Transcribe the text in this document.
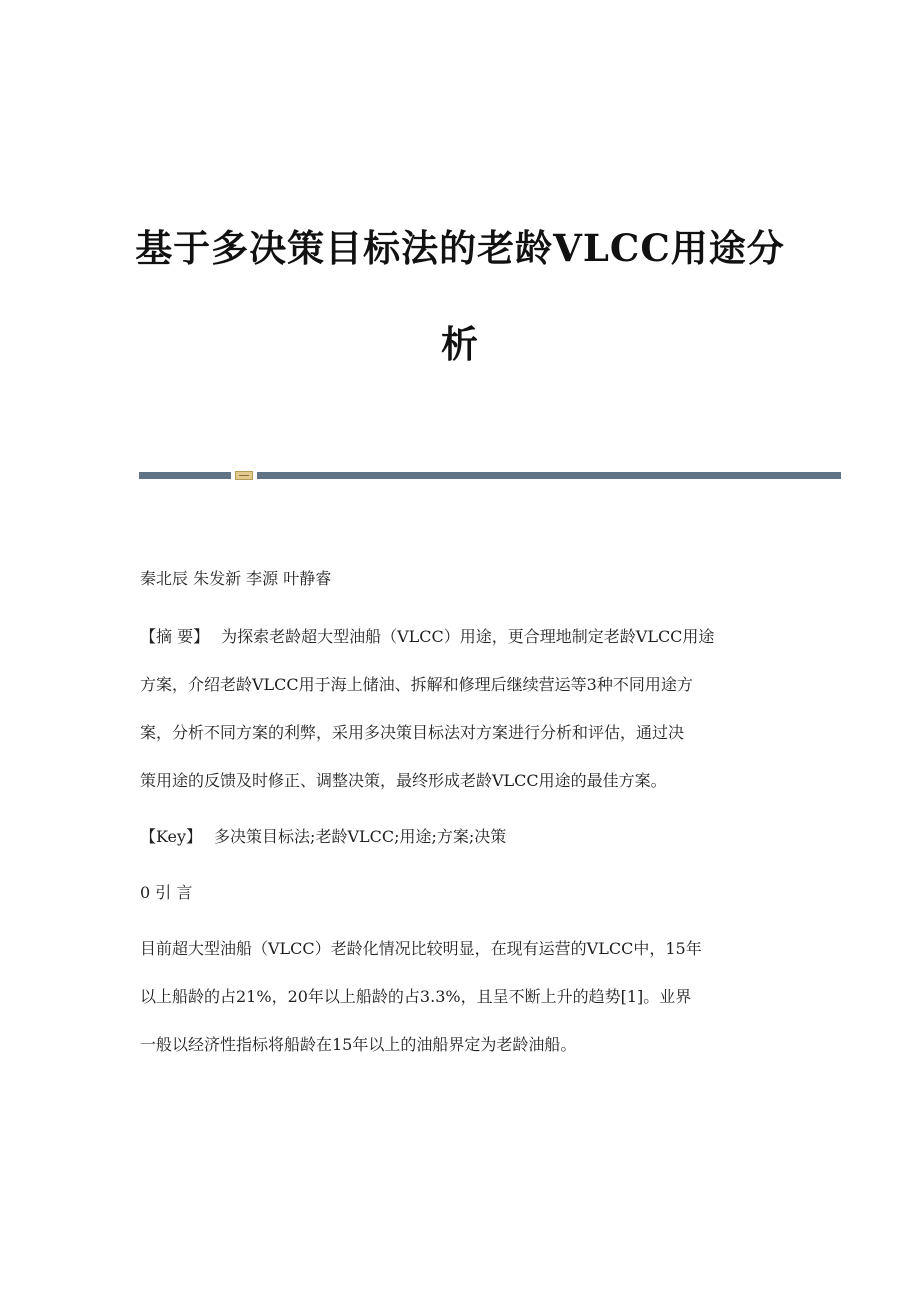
基于多决策目标法的老龄VLCC用途分
析
秦北辰 朱发新 李源 叶静睿
【摘 要】 为探索老龄超大型油船（VLCC）用途，更合理地制定老龄VLCC用途
方案，介绍老龄VLCC用于海上储油、拆解和修理后继续营运等3种不同用途方
案，分析不同方案的利弊，采用多决策目标法对方案进行分析和评估，通过决
策用途的反馈及时修正、调整决策，最终形成老龄VLCC用途的最佳方案。
【Key】 多决策目标法;老龄VLCC;用途;方案;决策
0 引 言
目前超大型油船（VLCC）老龄化情况比较明显，在现有运营的VLCC中，15年
以上船龄的占21%，20年以上船龄的占3.3%，且呈不断上升的趋势[1]。业界
一般以经济性指标将船龄在15年以上的油船界定为老龄油船。
